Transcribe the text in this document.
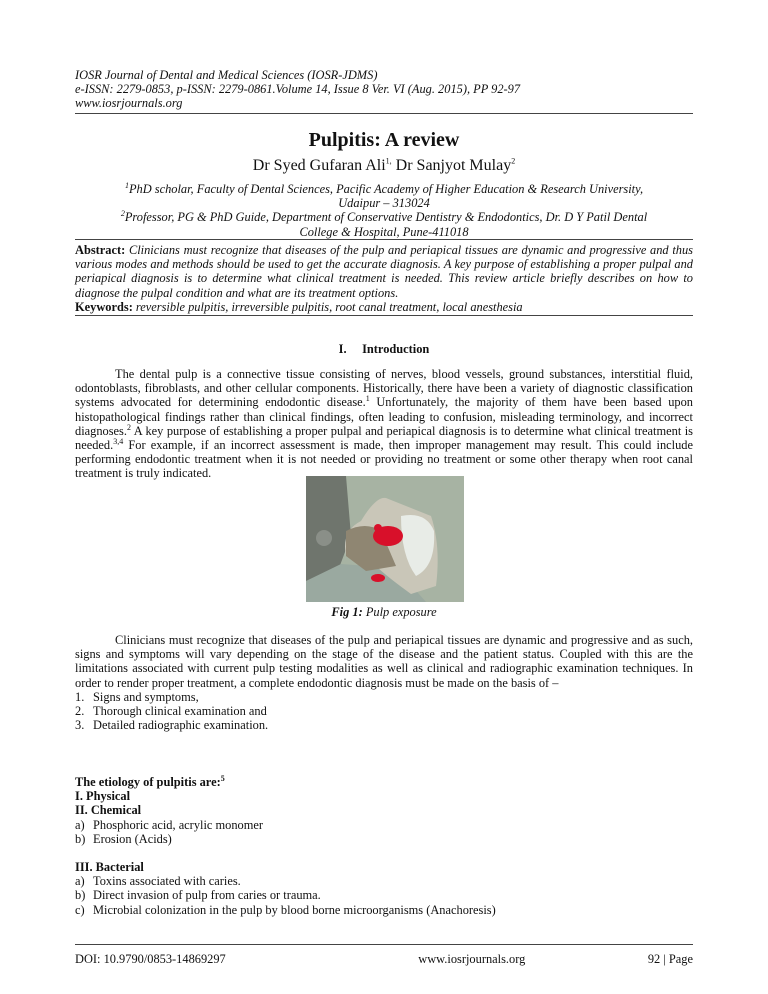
IOSR Journal of Dental and Medical Sciences (IOSR-JDMS)
e-ISSN: 2279-0853, p-ISSN: 2279-0861.Volume 14, Issue 8 Ver. VI (Aug. 2015), PP 92-97
www.iosrjournals.org
Pulpitis: A review
Dr Syed Gufaran Ali$^{1,}$ Dr Sanjyot Mulay$^2$
$^1$PhD scholar, Faculty of Dental Sciences, Pacific Academy of Higher Education & Research University,
Udaipur – 313024
$^2$Professor, PG & PhD Guide, Department of Conservative Dentistry & Endodontics, Dr. D Y Patil Dental
College & Hospital, Pune-411018

Abstract: Clinicians must recognize that diseases of the pulp and periapical tissues are dynamic and progressive and thus various modes and methods should be used to get the accurate diagnosis. A key purpose of establishing a proper pulpal and periapical diagnosis is to determine what clinical treatment is needed. This review article briefly describes on how to diagnose the pulpal condition and what are its treatment options.

Keywords: reversible pulpitis, irreversible pulpitis, root canal treatment, local anesthesia

I. Introduction

The dental pulp is a connective tissue consisting of nerves, blood vessels, ground substances, interstitial fluid, odontoblasts, fibroblasts, and other cellular components. Historically, there have been a variety of diagnostic classification systems advocated for determining endodontic disease.$^1$ Unfortunately, the majority of them have been based upon histopathological findings rather than clinical findings, often leading to confusion, misleading terminology, and incorrect diagnoses.$^2$ A key purpose of establishing a proper pulpal and periapical diagnosis is to determine what clinical treatment is needed.$^{3,4}$ For example, if an incorrect assessment is made, then improper management may result. This could include performing endodontic treatment when it is not needed or providing no treatment or some other therapy when root canal treatment is truly indicated.

Fig 1: Pulp exposure

Clinicians must recognize that diseases of the pulp and periapical tissues are dynamic and progressive and as such, signs and symptoms will vary depending on the stage of the disease and the patient status. Coupled with this are the limitations associated with current pulp testing modalities as well as clinical and radiographic examination techniques. In order to render proper treatment, a complete endodontic diagnosis must be made on the basis of –

1. Signs and symptoms,
2. Thorough clinical examination and
3. Detailed radiographic examination.
The etiology of pulpitis are:$^5$
I. Physical
II. Chemical
a) Phosphoric acid, acrylic monomer
b) Erosion (Acids)
III. Bacterial
a) Toxins associated with caries.
b) Direct invasion of pulp from caries or trauma.
c) Microbial colonization in the pulp by blood borne microorganisms (Anachoresis)
DOI: 10.9790/0853-14869297	www.iosrjournals.org	92 | Page
